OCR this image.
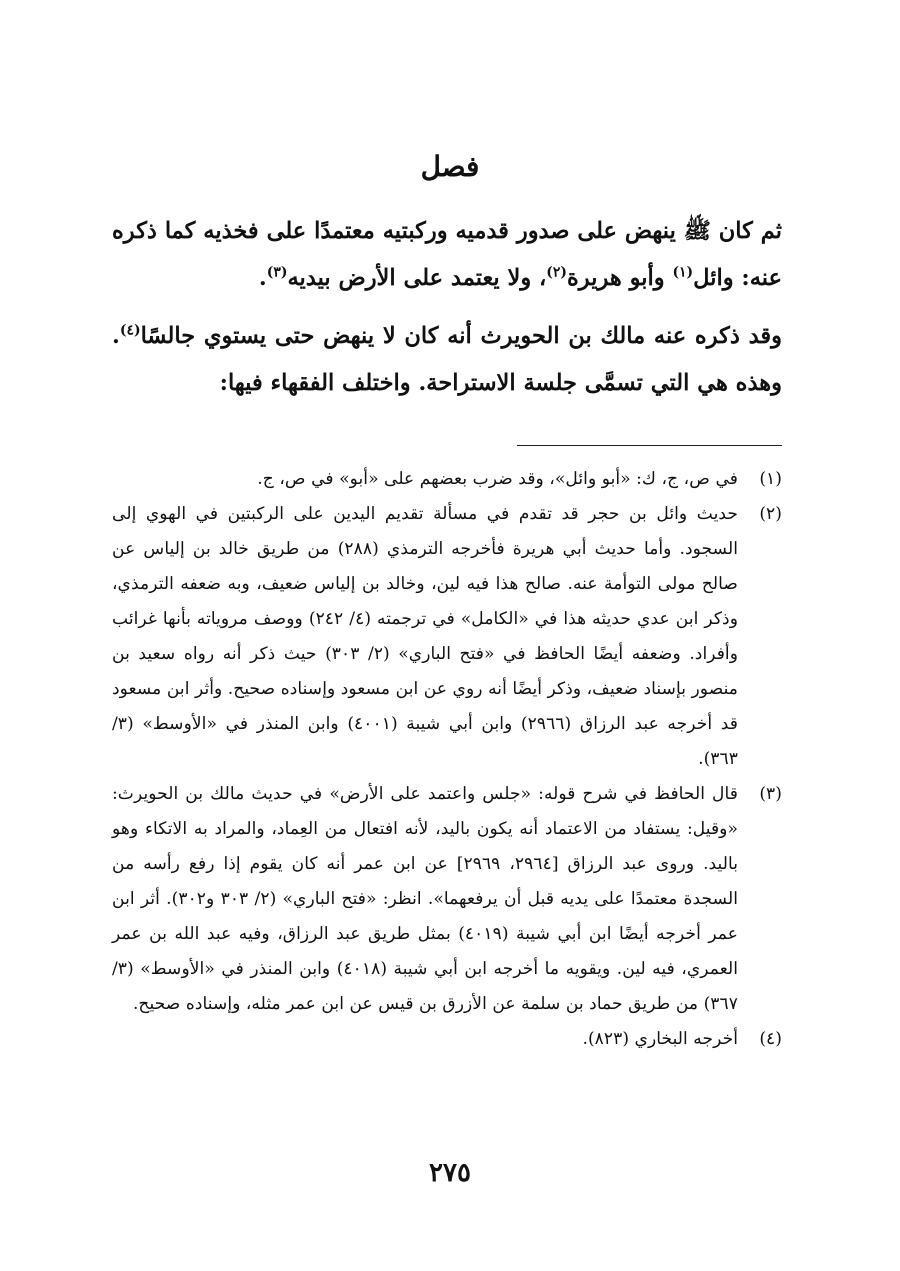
فصل
ثم كان ﷺ ينهض على صدور قدميه وركبتيه معتمدًا على فخذيه كما ذكره عنه: وائل$^{(١)}$ وأبو هريرة$^{(٢)}$، ولا يعتمد على الأرض بيديه$^{(٣)}$.
وقد ذكره عنه مالك بن الحويرث أنه كان لا ينهض حتى يستوي جالسًا$^{(٤)}$. وهذه هي التي تسمَّى جلسة الاستراحة. واختلف الفقهاء فيها:
(١)
في ص، ج، ك: «أبو وائل»، وقد ضرب بعضهم على «أبو» في ص، ج.
(٢)
حديث وائل بن حجر قد تقدم في مسألة تقديم اليدين على الركبتين في الهوي إلى السجود. وأما حديث أبي هريرة فأخرجه الترمذي (٢٨٨) من طريق خالد بن إلياس عن صالح مولى التوأمة عنه. صالح هذا فيه لين، وخالد بن إلياس ضعيف، وبه ضعفه الترمذي، وذكر ابن عدي حديثه هذا في «الكامل» في ترجمته (٤/ ٢٤٢) ووصف مروياته بأنها غرائب وأفراد. وضعفه أيضًا الحافظ في «فتح الباري» (٢/ ٣٠٣) حيث ذكر أنه رواه سعيد بن منصور بإسناد ضعيف، وذكر أيضًا أنه روي عن ابن مسعود وإسناده صحيح. وأثر ابن مسعود قد أخرجه عبد الرزاق (٢٩٦٦) وابن أبي شيبة (٤٠٠١) وابن المنذر في «الأوسط» (٣/ ٣٦٣).
(٣)
قال الحافظ في شرح قوله: «جلس واعتمد على الأرض» في حديث مالك بن الحويرث: «وقيل: يستفاد من الاعتماد أنه يكون باليد، لأنه افتعال من العِماد، والمراد به الاتكاء وهو باليد. وروى عبد الرزاق [٢٩٦٤، ٢٩٦٩] عن ابن عمر أنه كان يقوم إذا رفع رأسه من السجدة معتمدًا على يديه قبل أن يرفعهما». انظر: «فتح الباري» (٢/ ٣٠٣ و٣٠٢). أثر ابن عمر أخرجه أيضًا ابن أبي شيبة (٤٠١٩) بمثل طريق عبد الرزاق، وفيه عبد الله بن عمر العمري، فيه لين. ويقويه ما أخرجه ابن أبي شيبة (٤٠١٨) وابن المنذر في «الأوسط» (٣/ ٣٦٧) من طريق حماد بن سلمة عن الأزرق بن قيس عن ابن عمر مثله، وإسناده صحيح.
(٤)
أخرجه البخاري (٨٢٣).
٢٧٥
